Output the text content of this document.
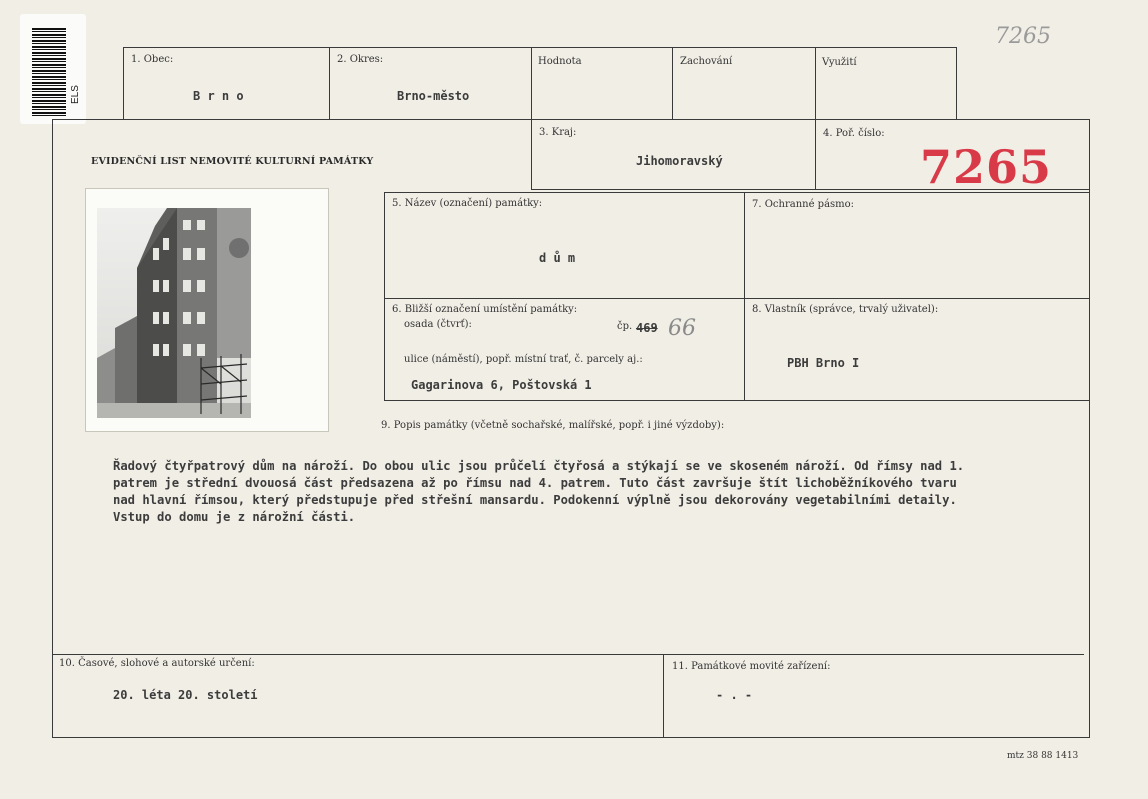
7265
ELS
1. Obec:
B r n o
2. Okres:
Brno-město
Hodnota	Zachování	Využití
EVIDENČNÍ LIST NEMOVITÉ KULTURNÍ PAMÁTKY
3. Kraj:
Jihomoravský
4. Poř. číslo:
7265
5. Název (označení) památky:
d ů m
7. Ochranné pásmo:
6. Bližší označení umístění památky:
osada (čtvrť):	čp. 469 66
ulice (náměstí), popř. místní trať, č. parcely aj.:
Gagarinova 6, Poštovská 1
8. Vlastník (správce, trvalý uživatel):
PBH Brno I
9. Popis památky (včetně sochařské, malířské, popř. i jiné výzdoby):
Řadový čtyřpatrový dům na nároží. Do obou ulic jsou průčelí čtyřosá a stýkají se ve skoseném nároží. Od římsy nad 1.
patrem je střední dvouosá část předsazena až po římsu nad 4. patrem. Tuto část završuje štít lichoběžníkového tvaru
nad hlavní římsou, který předstupuje před střešní mansardu. Podokenní výplně jsou dekorovány vegetabilními detaily.
Vstup do domu je z nárožní části.
10. Časové, slohové a autorské určení:
20. léta 20. století
11. Památkové movité zařízení:
- . -
mtz 38 88 1413
